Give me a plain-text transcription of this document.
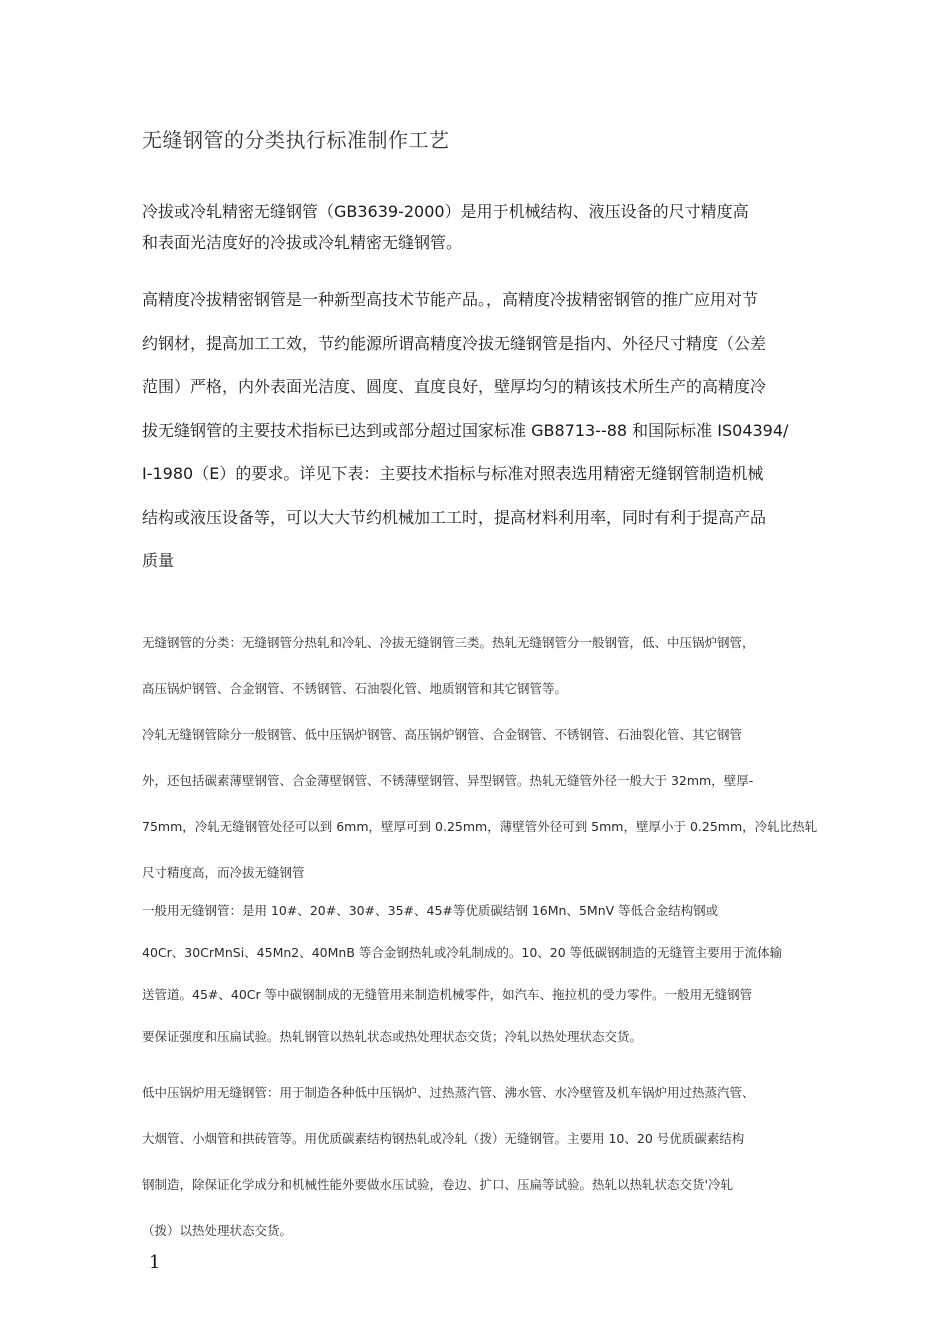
无缝钢管的分类执行标准制作工艺

冷拔或冷轧精密无缝钢管（GB3639-2000）是用于机械结构、液压设备的尺寸精度高
和表面光洁度好的冷拔或冷轧精密无缝钢管。

高精度冷拔精密钢管是一种新型高技术节能产品。，高精度冷拔精密钢管的推广应用对节
约钢材，提高加工工效，节约能源所谓高精度冷拔无缝钢管是指内、外径尺寸精度（公差
范围）严格，内外表面光洁度、圆度、直度良好，壁厚均匀的精该技术所生产的高精度冷
拔无缝钢管的主要技术指标已达到或部分超过国家标准 GB8713--88 和国际标准 IS04394/
I-1980（E）的要求。详见下表：主要技术指标与标准对照表选用精密无缝钢管制造机械
结构或液压设备等，可以大大节约机械加工工时，提高材料利用率，同时有利于提高产品
质量

无缝钢管的分类：无缝钢管分热轧和冷轧、冷拔无缝钢管三类。热轧无缝钢管分一般钢管，低、中压锅炉钢管，
高压锅炉钢管、合金钢管、不锈钢管、石油裂化管、地质钢管和其它钢管等。

冷轧无缝钢管除分一般钢管、低中压锅炉钢管、高压锅炉钢管、合金钢管、不锈钢管、石油裂化管、其它钢管
外，还包括碳素薄壁钢管、合金薄壁钢管、不锈薄壁钢管、异型钢管。热轧无缝管外径一般大于 32mm，壁厚-
75mm，冷轧无缝钢管处径可以到 6mm，壁厚可到 0.25mm，薄壁管外径可到 5mm，壁厚小于 0.25mm，冷轧比热轧
尺寸精度高，而冷拔无缝钢管

一般用无缝钢管：是用 10#、20#、30#、35#、45#等优质碳结钢 16Mn、5MnV 等低合金结构钢或
40Cr、30CrMnSi、45Mn2、40MnB 等合金钢热轧或冷轧制成的。10、20 等低碳钢制造的无缝管主要用于流体输
送管道。45#、40Cr 等中碳钢制成的无缝管用来制造机械零件，如汽车、拖拉机的受力零件。一般用无缝钢管
要保证强度和压扁试验。热轧钢管以热轧状态或热处理状态交货；冷轧以热处理状态交货。

低中压锅炉用无缝钢管：用于制造各种低中压锅炉、过热蒸汽管、沸水管、水冷壁管及机车锅炉用过热蒸汽管、
大烟管、小烟管和拱砖管等。用优质碳素结构钢热轧或冷轧（拨）无缝钢管。主要用 10、20 号优质碳素结构
钢制造，除保证化学成分和机械性能外要做水压试验，卷边、扩口、压扁等试验。热轧以热轧状态交货'冷轧
（拨）以热处理状态交货。

1
